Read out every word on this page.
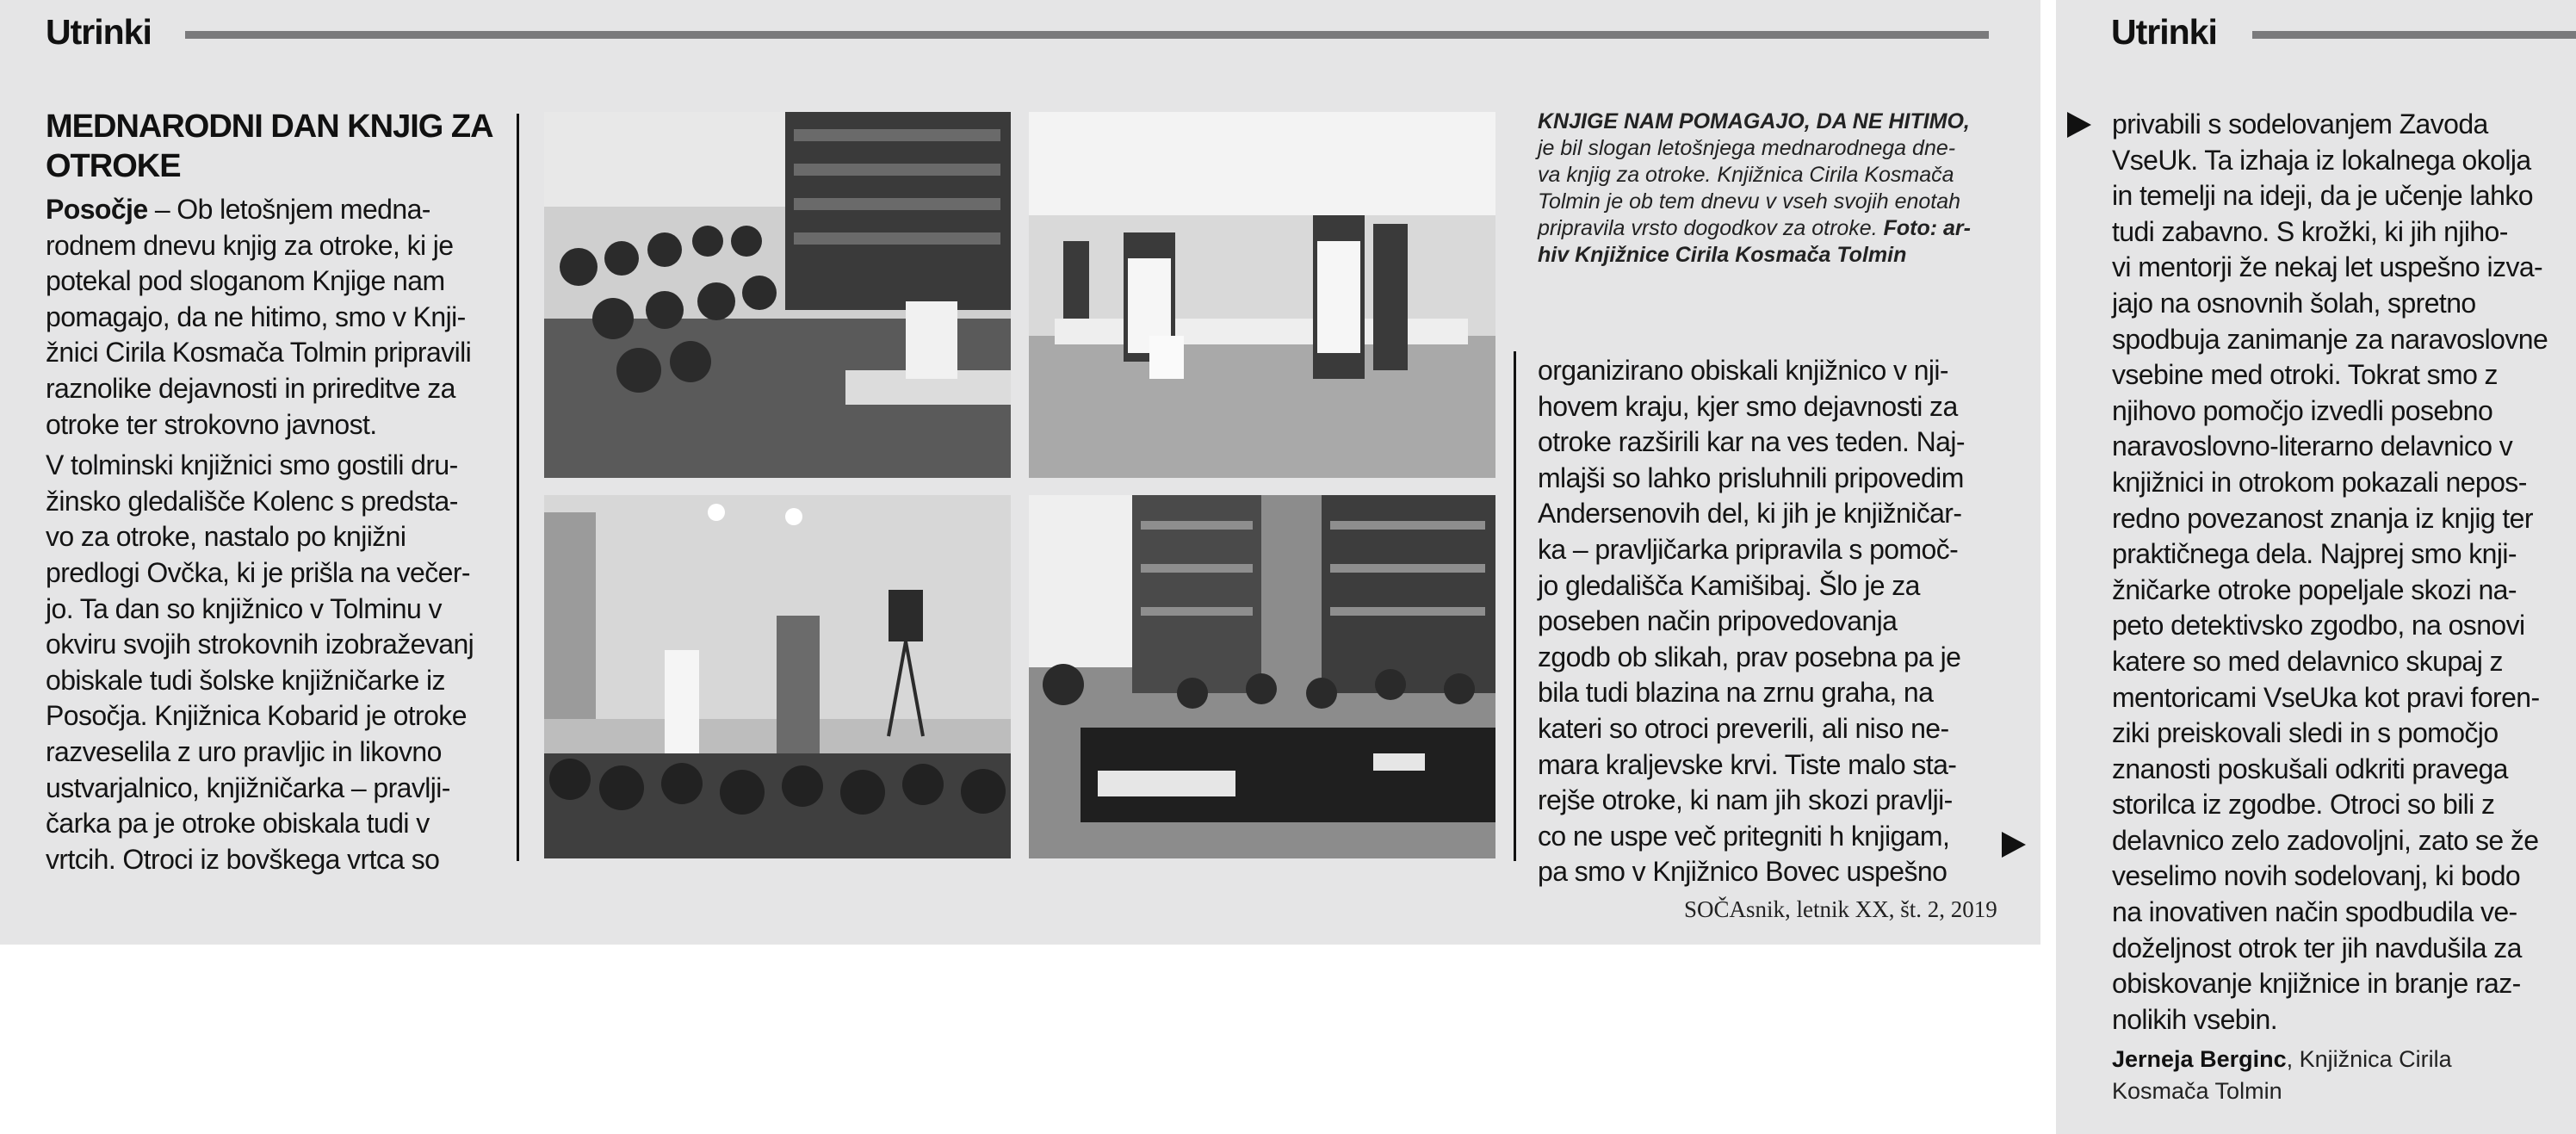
Utrinki
MEDNARODNI DAN KNJIG ZA OTROKE

Posočje – Ob letošnjem medna-
rodnem dnevu knjig za otroke, ki je
potekal pod sloganom Knjige nam
pomagajo, da ne hitimo, smo v Knji-
žnici Cirila Kosmača Tolmin pripravili
raznolike dejavnosti in prireditve za
otroke ter strokovno javnost.

V tolminski knjižnici smo gostili dru-
žinsko gledališče Kolenc s predsta-
vo za otroke, nastalo po knjižni
predlogi Ovčka, ki je prišla na večer-
jo. Ta dan so knjižnico v Tolminu v
okviru svojih strokovnih izobraževanj
obiskale tudi šolske knjižničarke iz
Posočja. Knjižnica Kobarid je otroke
razveselila z uro pravljic in likovno
ustvarjalnico, knjižničarka – pravlji-
čarka pa je otroke obiskala tudi v
vrtcih. Otroci iz bovškega vrtca so

KNJIGE NAM POMAGAJO, DA NE HITIMO,
je bil slogan letošnjega mednarodnega dne-
va knjig za otroke. Knjižnica Cirila Kosmača
Tolmin je ob tem dnevu v vseh svojih enotah
pripravila vrsto dogodkov za otroke. Foto: ar- hiv Knjižnice Cirila Kosmača Tolmin
organizirano obiskali knjižnico v nji-
hovem kraju, kjer smo dejavnosti za
otroke razširili kar na ves teden. Naj-
mlajši so lahko prisluhnili pripovedim
Andersenovih del, ki jih je knjižničar-
ka – pravljičarka pripravila s pomoč-
jo gledališča Kamišibaj. Šlo je za
poseben način pripovedovanja
zgodb ob slikah, prav posebna pa je
bila tudi blazina na zrnu graha, na
kateri so otroci preverili, ali niso ne-
mara kraljevske krvi. Tiste malo sta-
rejše otroke, ki nam jih skozi pravlji-
co ne uspe več pritegniti h knjigam,
pa smo v Knjižnico Bovec uspešno

SOČAsnik, letnik XX, št. 2, 2019
Utrinki
privabili s sodelovanjem Zavoda
VseUk. Ta izhaja iz lokalnega okolja
in temelji na ideji, da je učenje lahko
tudi zabavno. S krožki, ki jih njiho-
vi mentorji že nekaj let uspešno izva-
jajo na osnovnih šolah, spretno
spodbuja zanimanje za naravoslovne
vsebine med otroki. Tokrat smo z
njihovo pomočjo izvedli posebno
naravoslovno-literarno delavnico v
knjižnici in otrokom pokazali nepos-
redno povezanost znanja iz knjig ter
praktičnega dela. Najprej smo knji-
žničarke otroke popeljale skozi na-
peto detektivsko zgodbo, na osnovi
katere so med delavnico skupaj z
mentoricami VseUka kot pravi foren-
ziki preiskovali sledi in s pomočjo
znanosti poskušali odkriti pravega
storilca iz zgodbe. Otroci so bili z
delavnico zelo zadovoljni, zato se že
veselimo novih sodelovanj, ki bodo
na inovativen način spodbudila ve-
doželjnost otrok ter jih navdušila za
obiskovanje knjižnice in branje raz-
nolikih vsebin.

Jerneja Berginc, Knjižnica Cirila
Kosmača Tolmin
